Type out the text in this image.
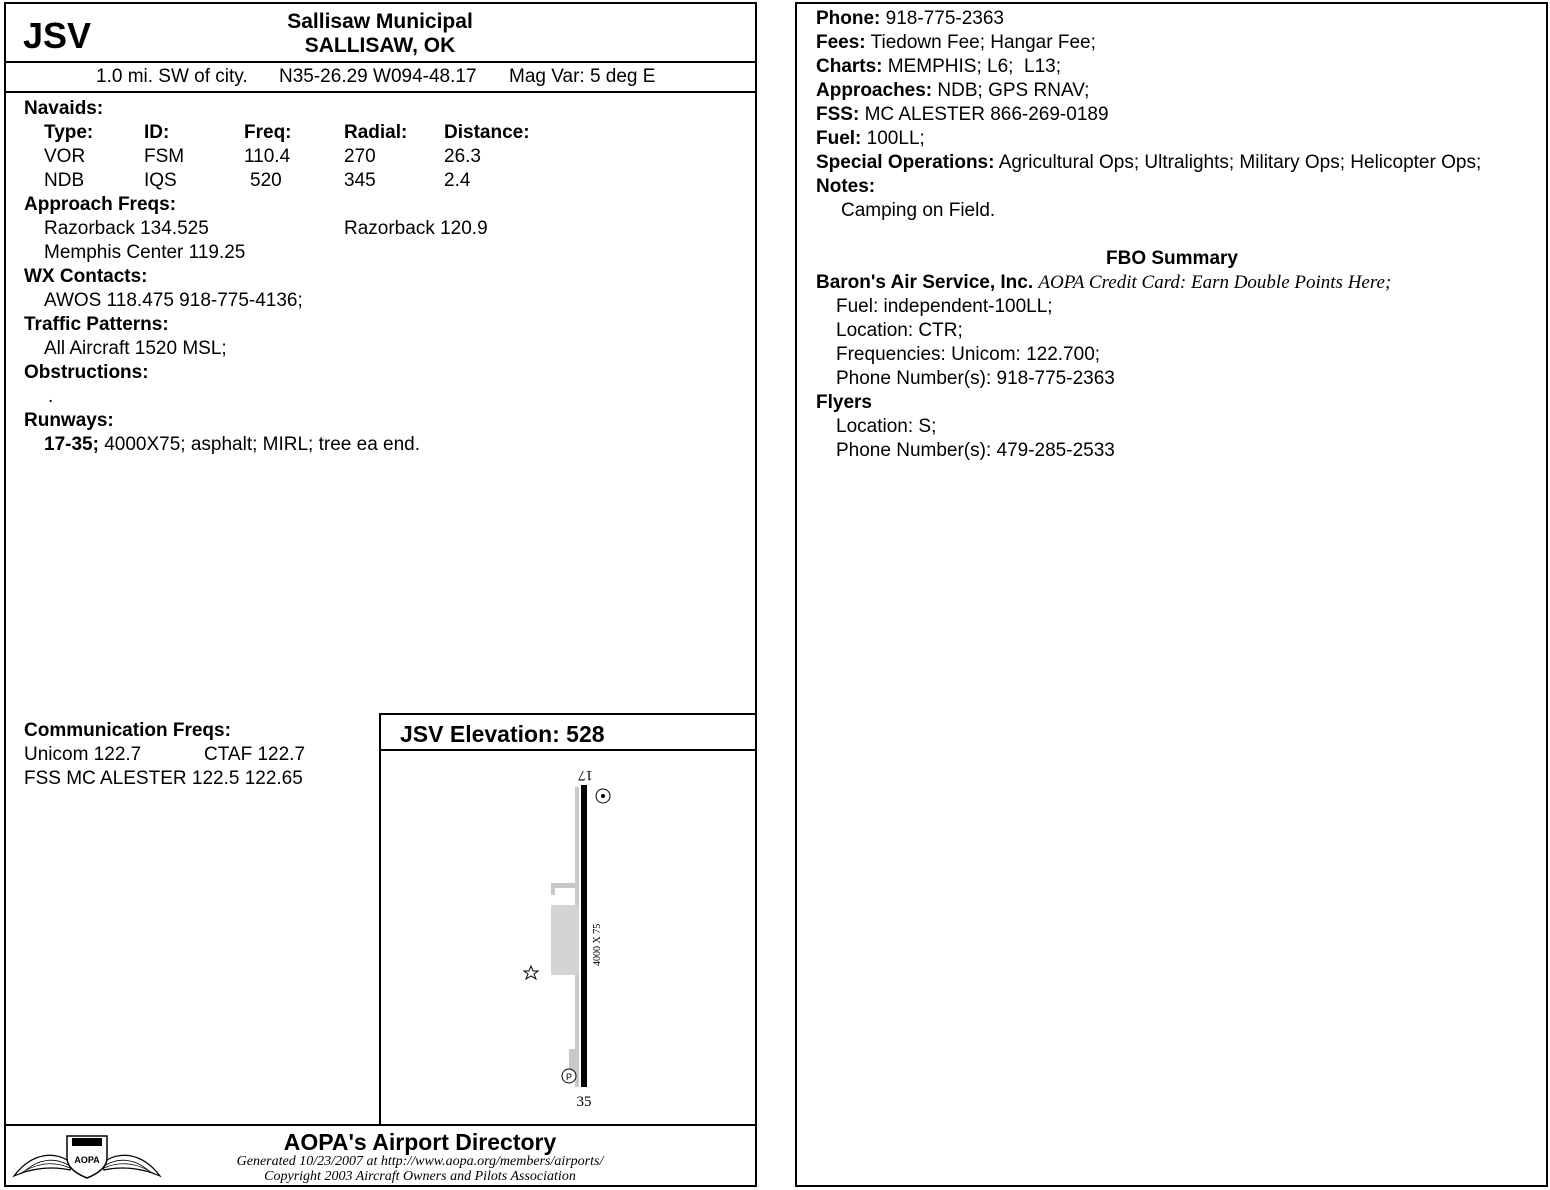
JSV	Sallisaw Municipal
SALLISAW, OK
1.0 mi. SW of city. N35-26.29 W094-48.17 Mag Var: 5 deg E
Navaids:
Type:	ID:	Freq:	Radial: Distance:
VOR	FSM	110.4	270	26.3
NDB	IQS	520	345	2.4
Approach Freqs:
Razorback 134.525	Razorback 120.9
Memphis Center 119.25
WX Contacts:
AWOS 118.475 918-775-4136;
Traffic Patterns:
All Aircraft 1520 MSL;
Obstructions:
.
Runways:
17-35; 4000X75; asphalt; MIRL; tree ea end.
Communication Freqs:
Unicom 122.7	CTAF 122.7
FSS MC ALESTER 122.5 122.65
JSV Elevation: 528
17
35
4000 X 75
P
AOPA
AOPA's Airport Directory
Generated 10/23/2007 at http://www.aopa.org/members/airports/
Copyright 2003 Aircraft Owners and Pilots Association
Phone: 918-775-2363
Fees: Tiedown Fee; Hangar Fee;
Charts: MEMPHIS; L6;  L13;
Approaches: NDB; GPS RNAV;
FSS: MC ALESTER 866-269-0189
Fuel: 100LL;
Special Operations: Agricultural Ops; Ultralights; Military Ops; Helicopter Ops;
Notes:
Camping on Field.
FBO Summary
Baron's Air Service, Inc. AOPA Credit Card: Earn Double Points Here;
Fuel: independent-100LL;
Location: CTR;
Frequencies: Unicom: 122.700;
Phone Number(s): 918-775-2363
Flyers
Location: S;
Phone Number(s): 479-285-2533
